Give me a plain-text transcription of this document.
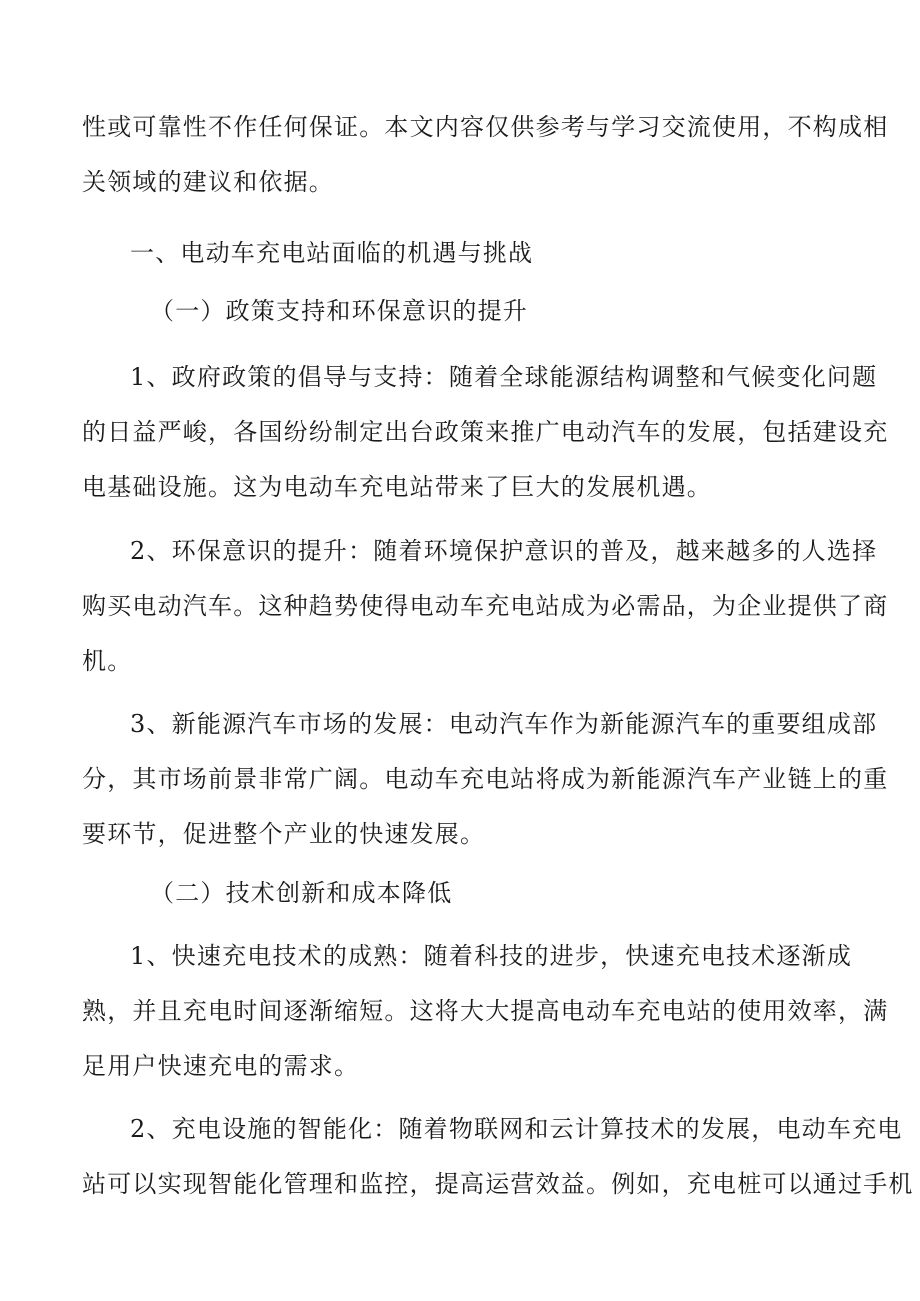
性或可靠性不作任何保证。本文内容仅供参考与学习交流使用，不构成相
关领域的建议和依据。
一、电动车充电站面临的机遇与挑战
（一）政策支持和环保意识的提升
1、政府政策的倡导与支持：随着全球能源结构调整和气候变化问题
的日益严峻，各国纷纷制定出台政策来推广电动汽车的发展，包括建设充
电基础设施。这为电动车充电站带来了巨大的发展机遇。
2、环保意识的提升：随着环境保护意识的普及，越来越多的人选择
购买电动汽车。这种趋势使得电动车充电站成为必需品，为企业提供了商
机。
3、新能源汽车市场的发展：电动汽车作为新能源汽车的重要组成部
分，其市场前景非常广阔。电动车充电站将成为新能源汽车产业链上的重
要环节，促进整个产业的快速发展。
（二）技术创新和成本降低
1、快速充电技术的成熟：随着科技的进步，快速充电技术逐渐成
熟，并且充电时间逐渐缩短。这将大大提高电动车充电站的使用效率，满
足用户快速充电的需求。
2、充电设施的智能化：随着物联网和云计算技术的发展，电动车充电
站可以实现智能化管理和监控，提高运营效益。例如，充电桩可以通过手机
